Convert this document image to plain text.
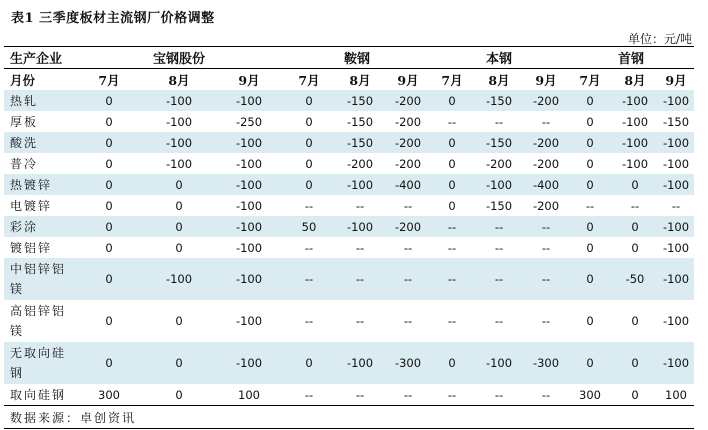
表1 三季度板材主流钢厂价格调整
单位：元/吨
生产企业	宝钢股份			鞍钢			本钢			首钢		
月份	7月	8月	9月	7月	8月	9月	7月	8月	9月	7月	8月	9月
热轧	0	-100	-100	0	-150	-200	0	-150	-200	0	-100	-100
厚板	0	-100	-250	0	-150	-200	--	--	--	0	-100	-150
酸洗	0	-100	-100	0	-150	-200	0	-150	-200	0	-100	-100
普冷	0	-100	-100	0	-200	-200	0	-200	-200	0	-100	-100
热镀锌	0	0	-100	0	-100	-400	0	-100	-400	0	0	-100
电镀锌	0	0	-100	--	--	--	0	-150	-200	--	--	--
彩涂	0	0	-100	50	-100	-200	--	--	--	0	0	-100
镀铝锌	0	0	-100	--	--	--	--	--	--	0	0	-100
中铝锌铝镁	0	-100	-100	--	--	--	--	--	--	0	-50	-100
高铝锌铝镁	0	0	-100	--	--	--	--	--	--	0	0	-100
无取向硅钢	0	0	-100	0	-100	-300	0	-100	-300	0	0	-100
取向硅钢	300	0	100	--	--	--	--	--	--	300	0	100
数据来源：卓创资讯												
